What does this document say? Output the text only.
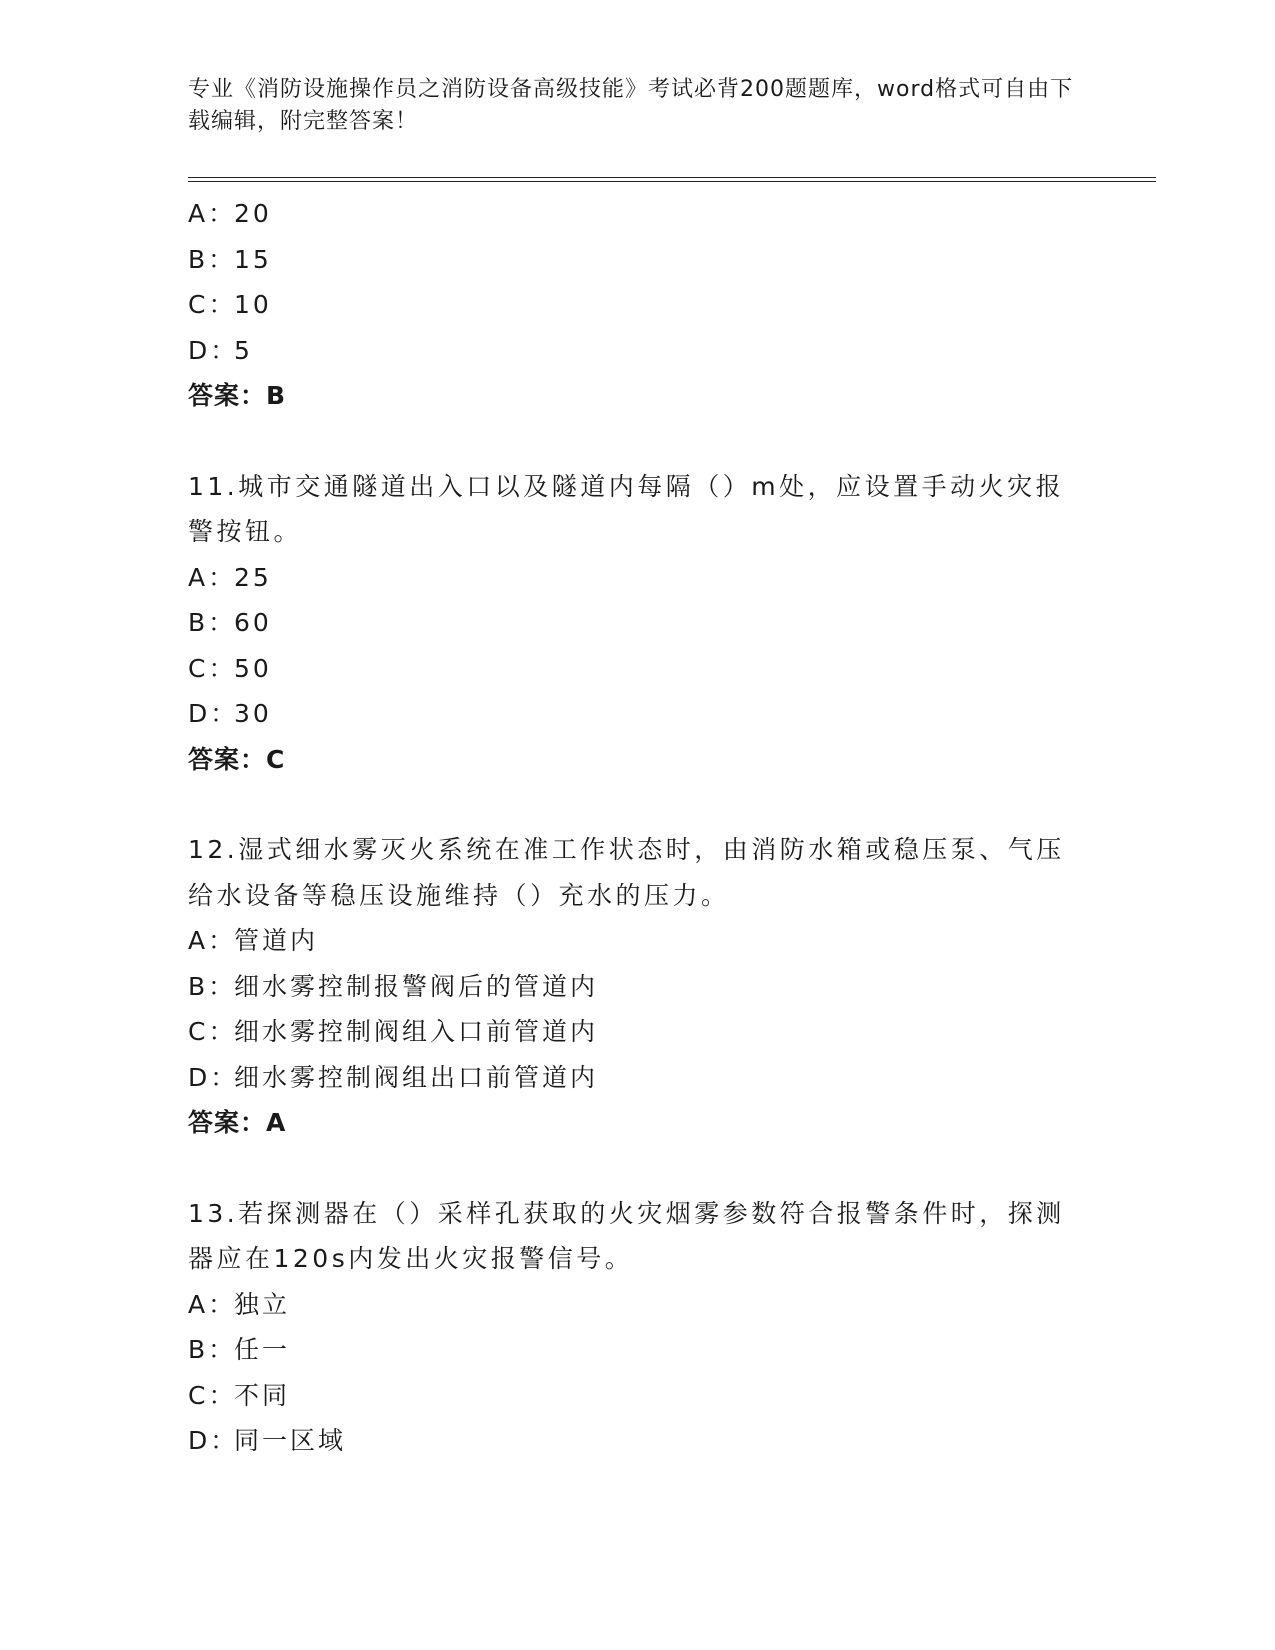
专业《消防设施操作员之消防设备高级技能》考试必背200题题库，word格式可自由下载编辑，附完整答案！
A：20
B：15
C：10
D：5
答案：B
11.城市交通隧道出入口以及隧道内每隔（）m处，应设置手动火灾报警按钮。
A：25
B：60
C：50
D：30
答案：C
12.湿式细水雾灭火系统在准工作状态时，由消防水箱或稳压泵、气压给水设备等稳压设施维持（）充水的压力。
A：管道内
B：细水雾控制报警阀后的管道内
C：细水雾控制阀组入口前管道内
D：细水雾控制阀组出口前管道内
答案：A
13.若探测器在（）采样孔获取的火灾烟雾参数符合报警条件时，探测器应在120s内发出火灾报警信号。
A：独立
B：任一
C：不同
D：同一区域
